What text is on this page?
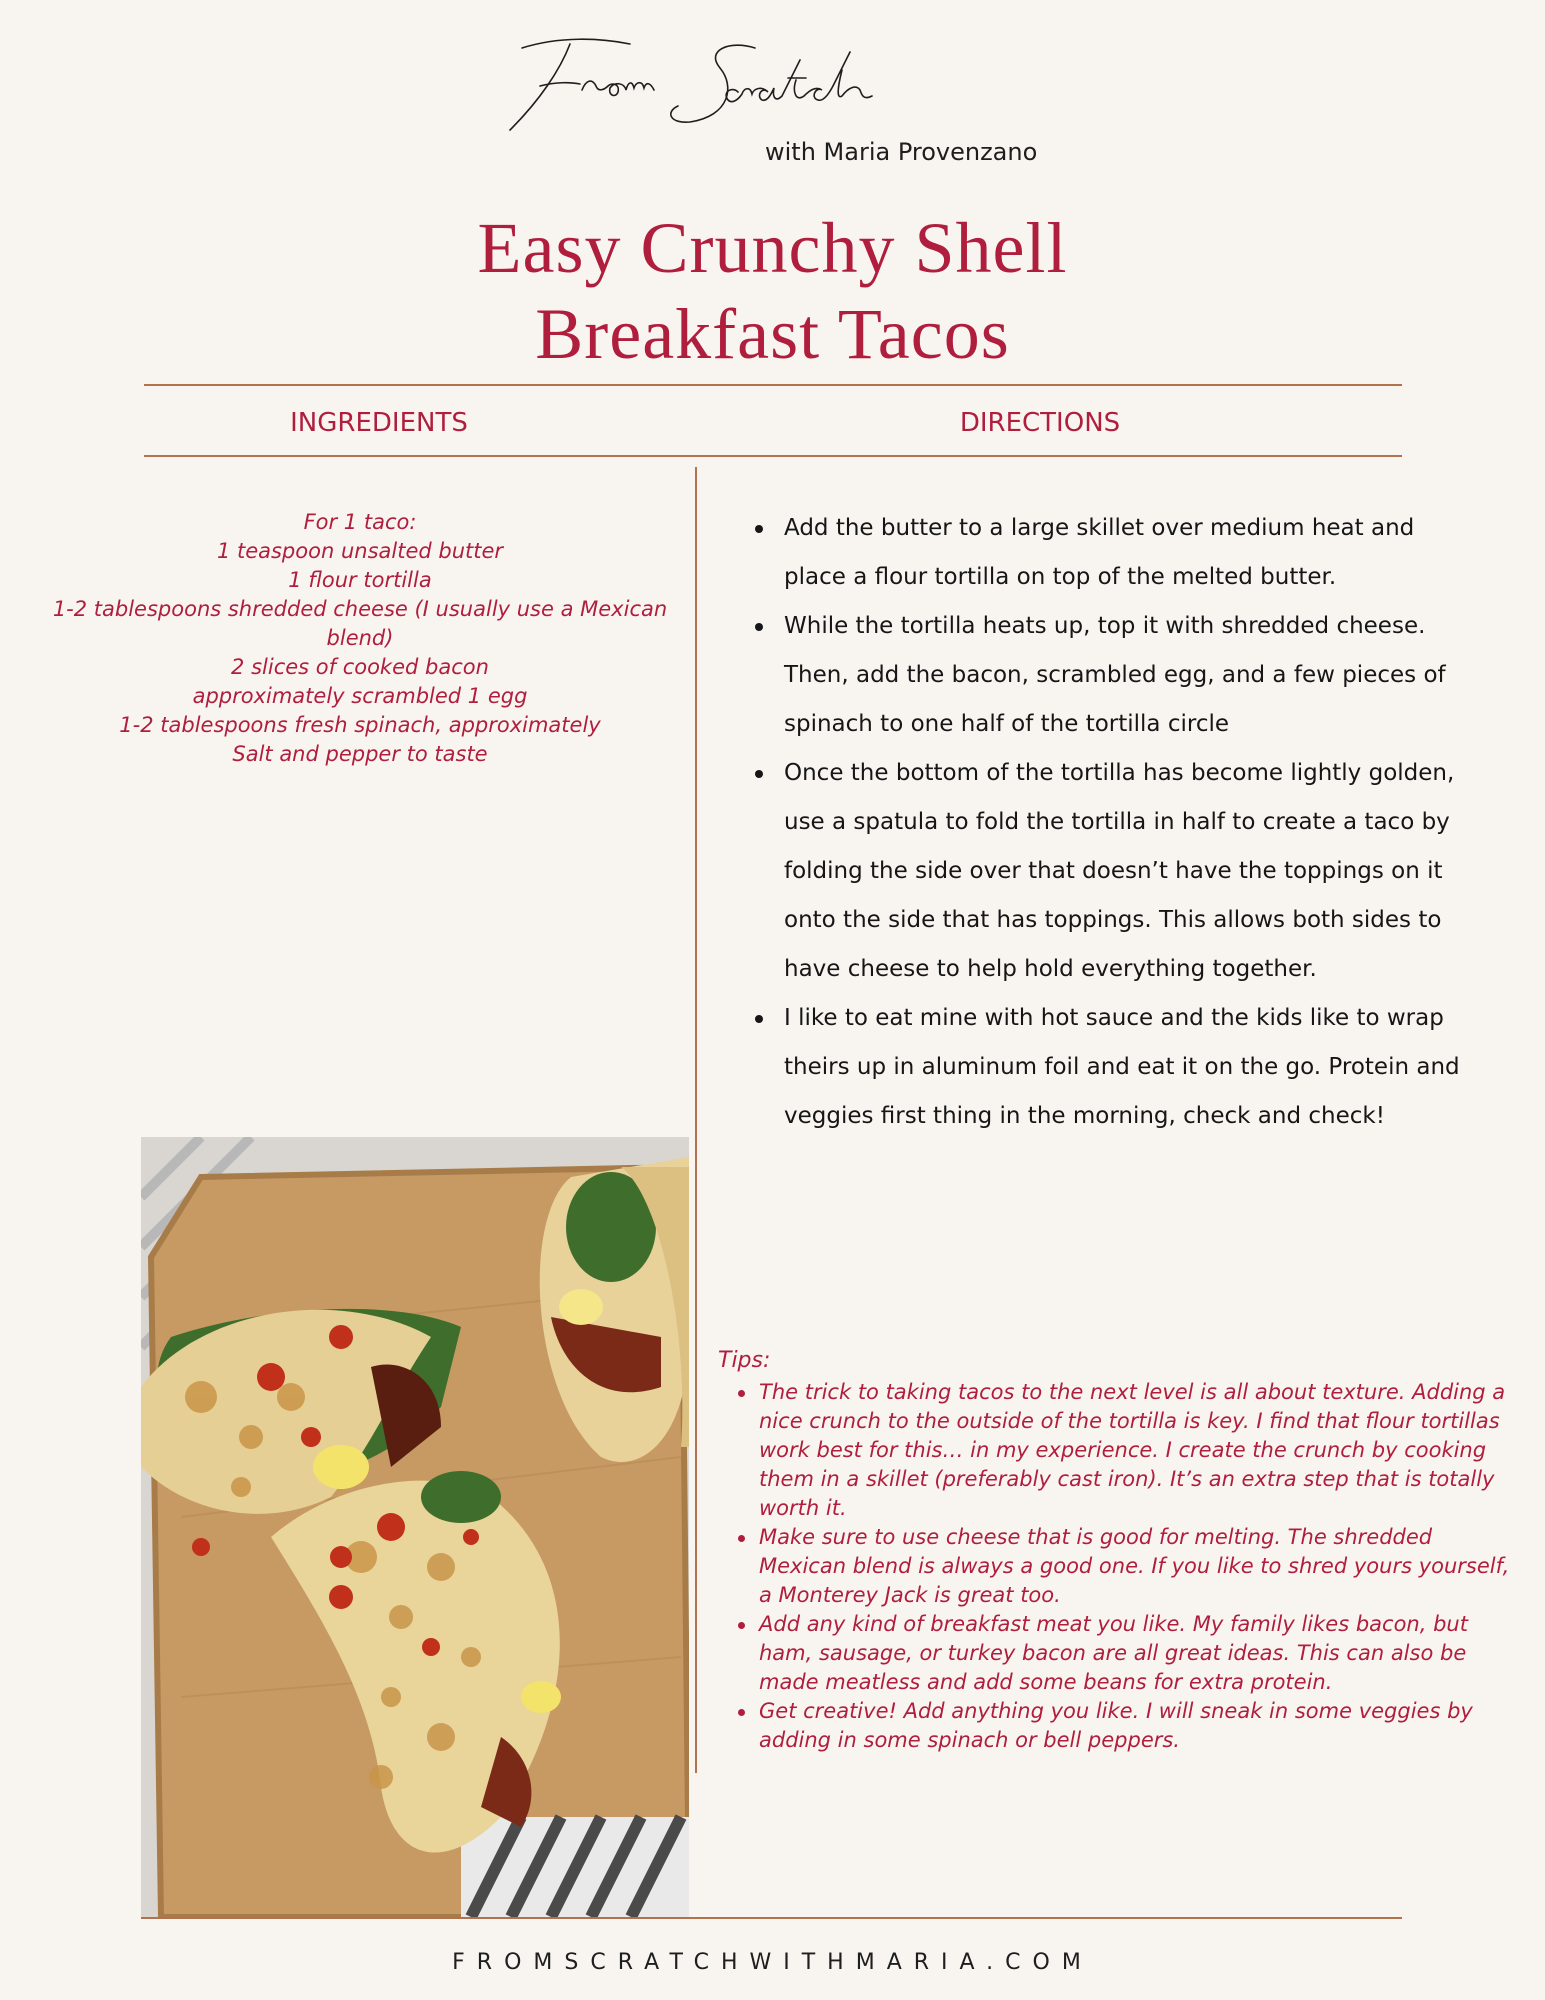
with Maria Provenzano
Easy Crunchy Shell
Breakfast Tacos
INGREDIENTS	DIRECTIONS
For 1 taco:
1 teaspoon unsalted butter
1 flour tortilla
1-2 tablespoons shredded cheese (I usually use a Mexican blend)
2 slices of cooked bacon
approximately scrambled 1 egg
1-2 tablespoons fresh spinach, approximately
Salt and pepper to taste
Add the butter to a large skillet over medium heat and place a flour tortilla on top of the melted butter.
While the tortilla heats up, top it with shredded cheese. Then, add the bacon, scrambled egg, and a few pieces of spinach to one half of the tortilla circle
Once the bottom of the tortilla has become lightly golden, use a spatula to fold the tortilla in half to create a taco by folding the side over that doesn’t have the toppings on it onto the side that has toppings. This allows both sides to have cheese to help hold everything together.
I like to eat mine with hot sauce and the kids like to wrap theirs up in aluminum foil and eat it on the go. Protein and veggies first thing in the morning, check and check!
Tips:
The trick to taking tacos to the next level is all about texture. Adding a nice crunch to the outside of the tortilla is key. I find that flour tortillas work best for this… in my experience. I create the crunch by cooking them in a skillet (preferably cast iron). It’s an extra step that is totally worth it.
Make sure to use cheese that is good for melting. The shredded Mexican blend is always a good one. If you like to shred yours yourself, a Monterey Jack is great too.
Add any kind of breakfast meat you like. My family likes bacon, but ham, sausage, or turkey bacon are all great ideas. This can also be made meatless and add some beans for extra protein.
Get creative! Add anything you like. I will sneak in some veggies by adding in some spinach or bell peppers.
FROMSCRATCHWITHMARIA.COM
